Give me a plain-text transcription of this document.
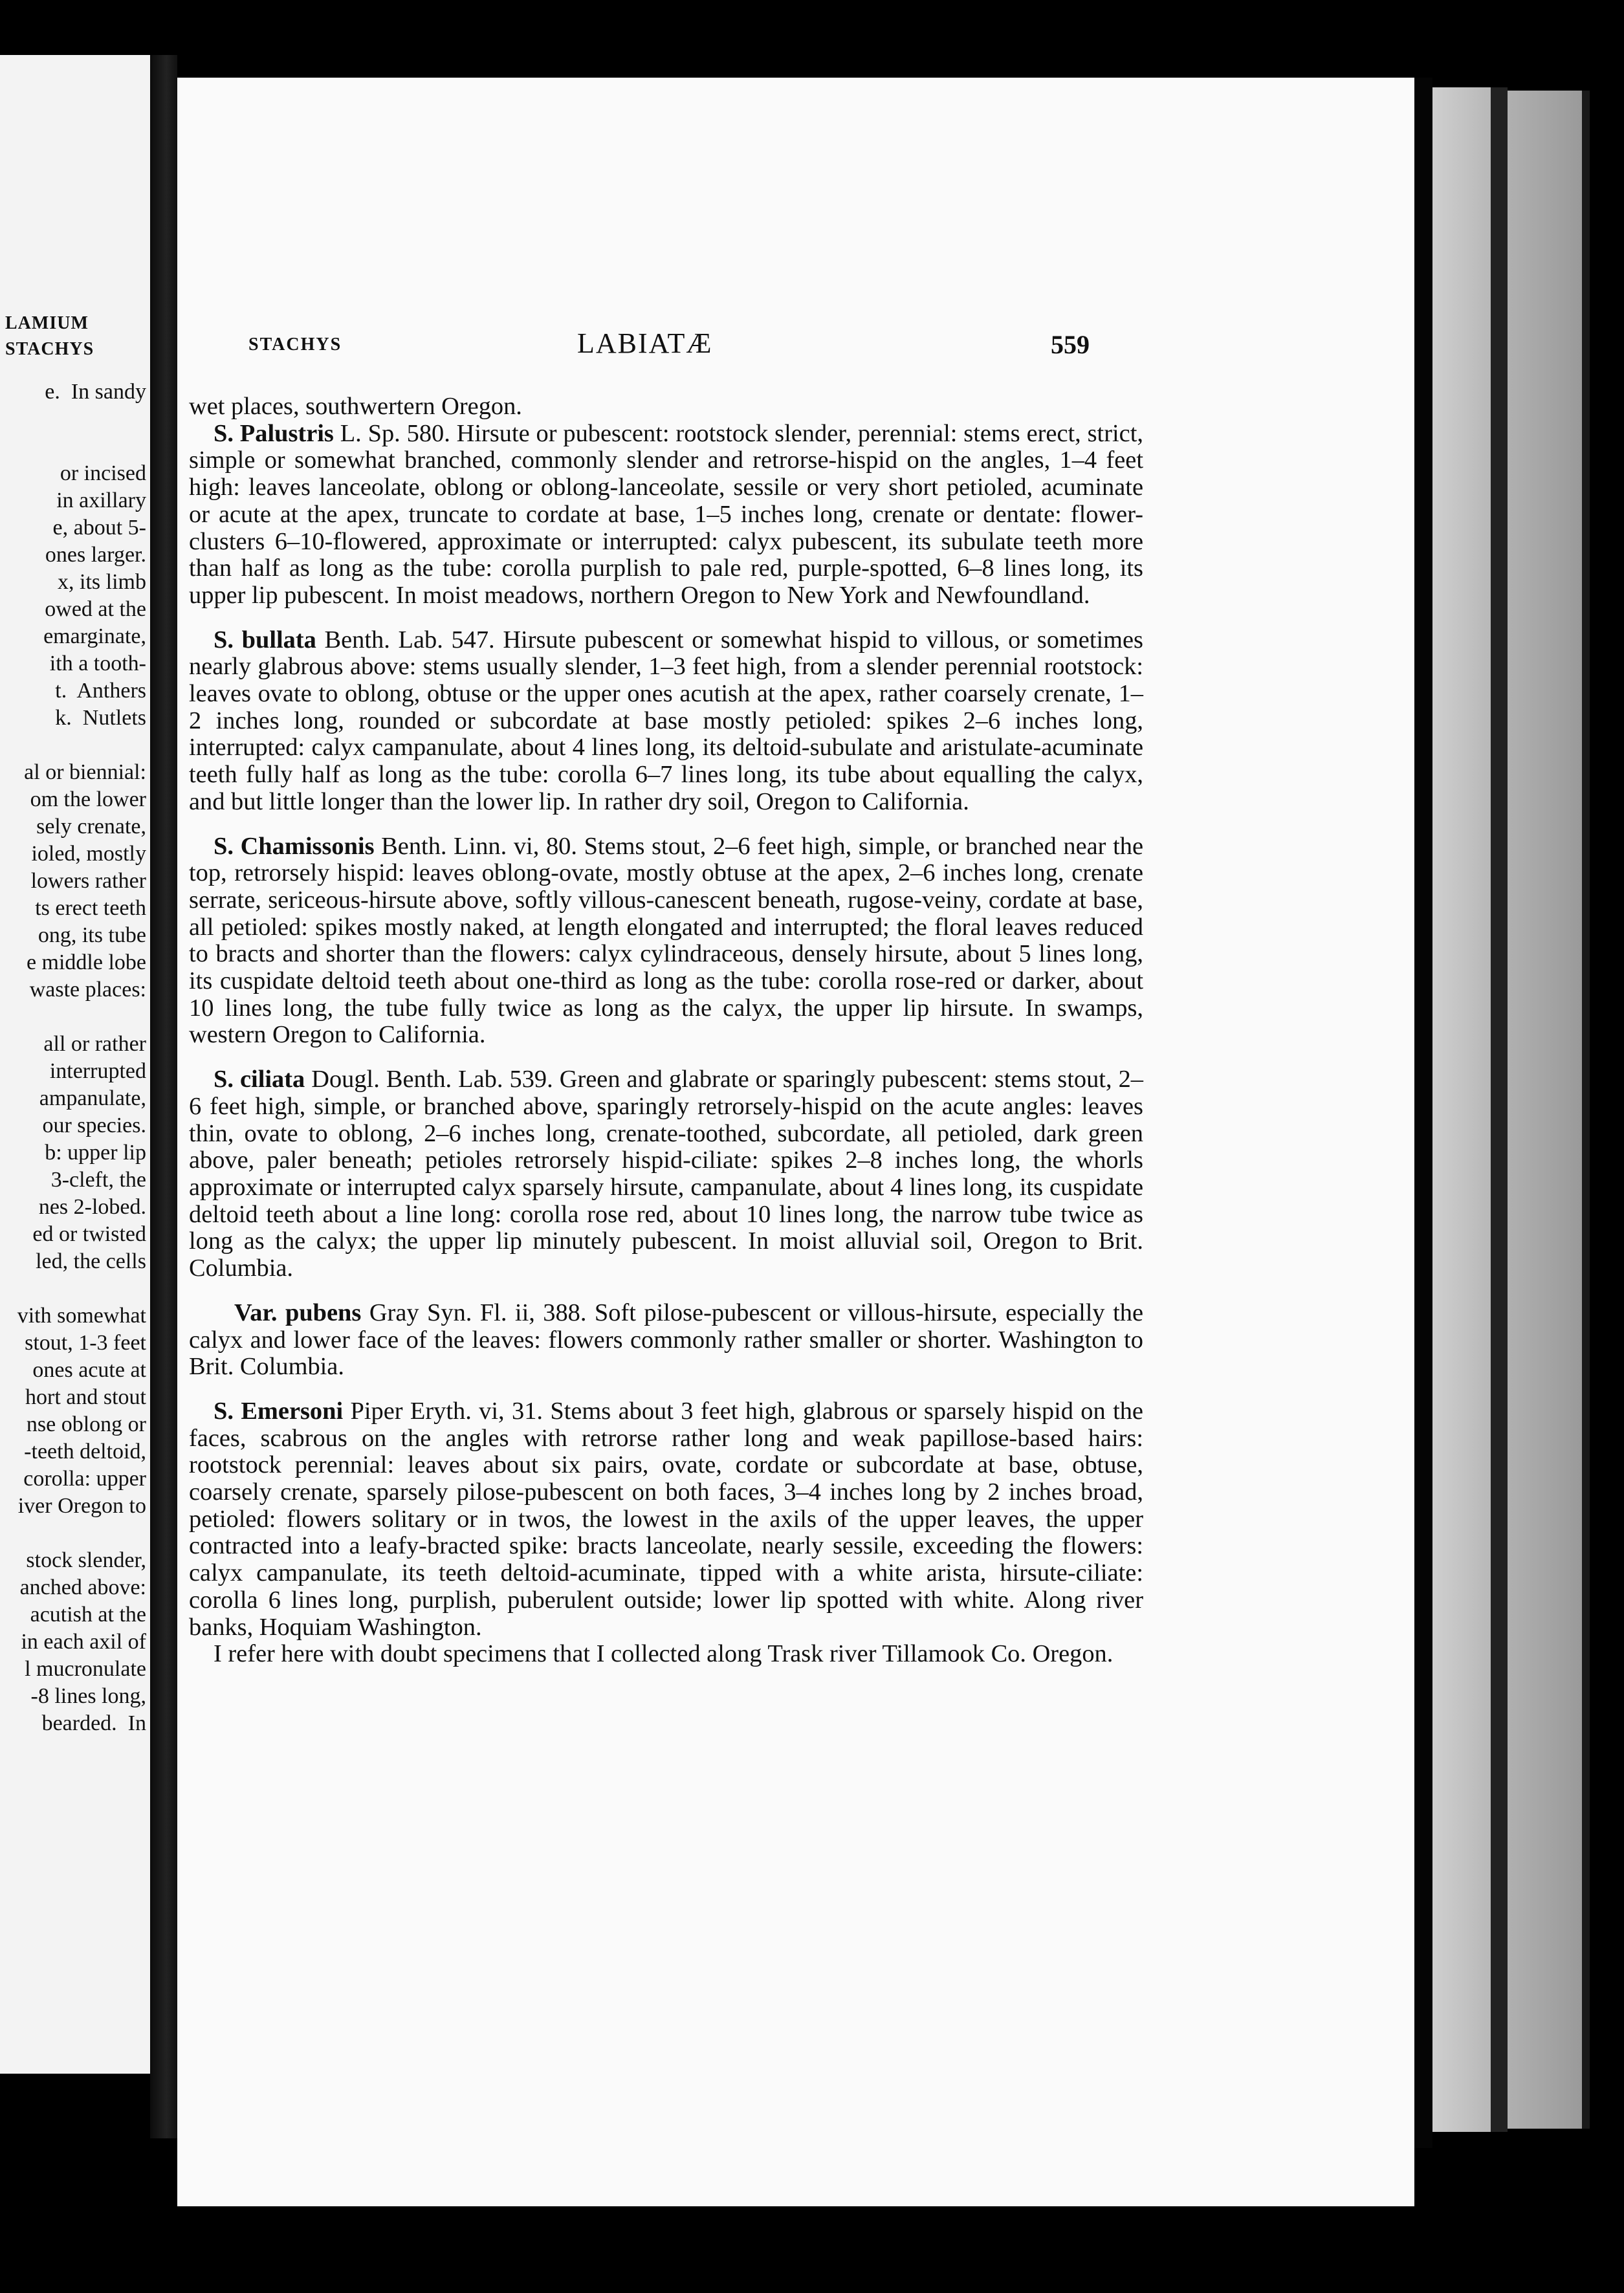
LAMIUM
STACHYS
e.  In sandy
or incised
in axillary
e, about 5-
ones larger.
x, its limb
owed at the
emarginate,
ith a tooth-
t.  Anthers
k.  Nutlets
al or biennial:
om the lower
sely crenate,
ioled, mostly
lowers rather
ts erect teeth
ong, its tube
e middle lobe
waste places:
all or rather
interrupted
ampanulate,
our species.
b: upper lip
3-cleft, the
nes 2-lobed.
ed or twisted
led, the cells
vith somewhat
stout, 1-3 feet
ones acute at
hort and stout
nse oblong or
-teeth deltoid,
corolla: upper
iver Oregon to
stock slender,
anched above:
acutish at the
in each axil of
l mucronulate
-8 lines long,
bearded.  In
STACHYS	LABIATÆ	559

wet places, southwertern Oregon.

S. Palustris L. Sp. 580. Hirsute or pubescent: rootstock slender, perennial: stems erect, strict, simple or somewhat branched, commonly slender and retrorse-hispid on the angles, 1–4 feet high: leaves lanceolate, oblong or oblong-lanceolate, sessile or very short petioled, acuminate or acute at the apex, truncate to cordate at base, 1–5 inches long, crenate or dentate: flower-clusters 6–10-flowered, approximate or interrupted: calyx pubescent, its subulate teeth more than half as long as the tube: corolla purplish to pale red, purple-spotted, 6–8 lines long, its upper lip pubescent. In moist meadows, northern Oregon to New York and Newfoundland.

S. bullata Benth. Lab. 547. Hirsute pubescent or somewhat hispid to villous, or sometimes nearly glabrous above: stems usually slender, 1–3 feet high, from a slender perennial rootstock: leaves ovate to oblong, obtuse or the upper ones acutish at the apex, rather coarsely crenate, 1–2 inches long, rounded or subcordate at base mostly petioled: spikes 2–6 inches long, interrupted: calyx campanulate, about 4 lines long, its deltoid-subulate and aristulate-acuminate teeth fully half as long as the tube: corolla 6–7 lines long, its tube about equalling the calyx, and but little longer than the lower lip. In rather dry soil, Oregon to California.

S. Chamissonis Benth. Linn. vi, 80. Stems stout, 2–6 feet high, simple, or branched near the top, retrorsely hispid: leaves oblong-ovate, mostly obtuse at the apex, 2–6 inches long, crenate serrate, sericeous-hirsute above, softly villous-canescent beneath, rugose-veiny, cordate at base, all petioled: spikes mostly naked, at length elongated and interrupted; the floral leaves reduced to bracts and shorter than the flowers: calyx cylindraceous, densely hirsute, about 5 lines long, its cuspidate deltoid teeth about one-third as long as the tube: corolla rose-red or darker, about 10 lines long, the tube fully twice as long as the calyx, the upper lip hirsute. In swamps, western Oregon to California.

S. ciliata Dougl. Benth. Lab. 539. Green and glabrate or sparingly pubescent: stems stout, 2–6 feet high, simple, or branched above, sparingly retrorsely-hispid on the acute angles: leaves thin, ovate to oblong, 2–6 inches long, crenate-toothed, subcordate, all petioled, dark green above, paler beneath; petioles retrorsely hispid-ciliate: spikes 2–8 inches long, the whorls approximate or interrupted calyx sparsely hirsute, campanulate, about 4 lines long, its cuspidate deltoid teeth about a line long: corolla rose red, about 10 lines long, the narrow tube twice as long as the calyx; the upper lip minutely pubescent. In moist alluvial soil, Oregon to Brit. Columbia.

Var. pubens Gray Syn. Fl. ii, 388. Soft pilose-pubescent or villous-hirsute, especially the calyx and lower face of the leaves: flowers commonly rather smaller or shorter. Washington to Brit. Columbia.

S. Emersoni Piper Eryth. vi, 31. Stems about 3 feet high, glabrous or sparsely hispid on the faces, scabrous on the angles with retrorse rather long and weak papillose-based hairs: rootstock perennial: leaves about six pairs, ovate, cordate or subcordate at base, obtuse, coarsely crenate, sparsely pilose-pubescent on both faces, 3–4 inches long by 2 inches broad, petioled: flowers solitary or in twos, the lowest in the axils of the upper leaves, the upper contracted into a leafy-bracted spike: bracts lanceolate, nearly sessile, exceeding the flowers: calyx campanulate, its teeth deltoid-acuminate, tipped with a white arista, hirsute-ciliate: corolla 6 lines long, purplish, puberulent outside; lower lip spotted with white. Along river banks, Hoquiam Washington.

I refer here with doubt specimens that I collected along Trask river Tillamook Co. Oregon.
